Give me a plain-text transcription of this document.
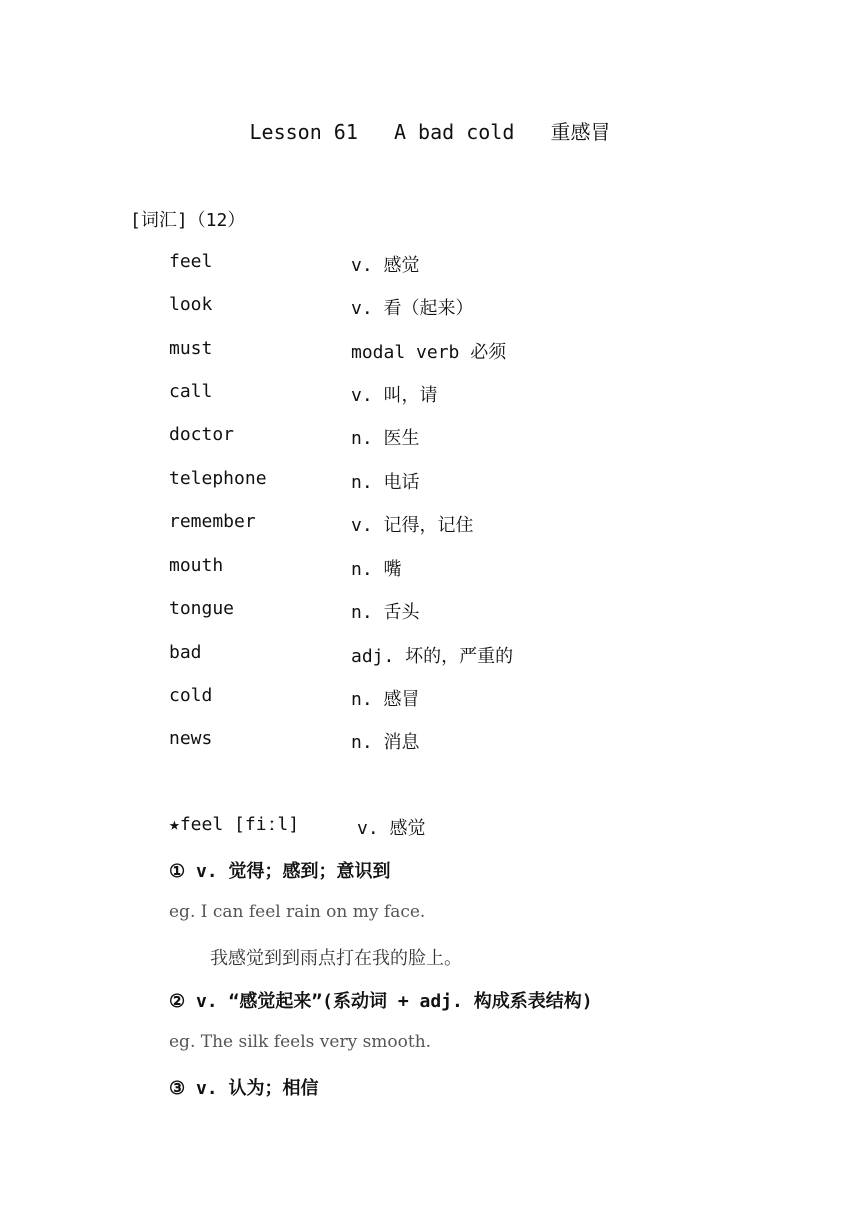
Lesson 61   A bad cold   重感冒
[词汇]（12）
feel	v. 感觉
look	v. 看（起来）
must	modal verb 必须
call	v. 叫，请
doctor	n. 医生
telephone	n. 电话
remember	v. 记得，记住
mouth	n. 嘴
tongue	n. 舌头
bad	adj. 坏的，严重的
cold	n. 感冒
news	n. 消息
★feel [fiːl]	v. 感觉
① v. 觉得；感到；意识到
eg. I can feel rain on my face.
我感觉到到雨点打在我的脸上。
② v. “感觉起来”(系动词 + adj. 构成系表结构)
eg. The silk feels very smooth.
③ v. 认为；相信
